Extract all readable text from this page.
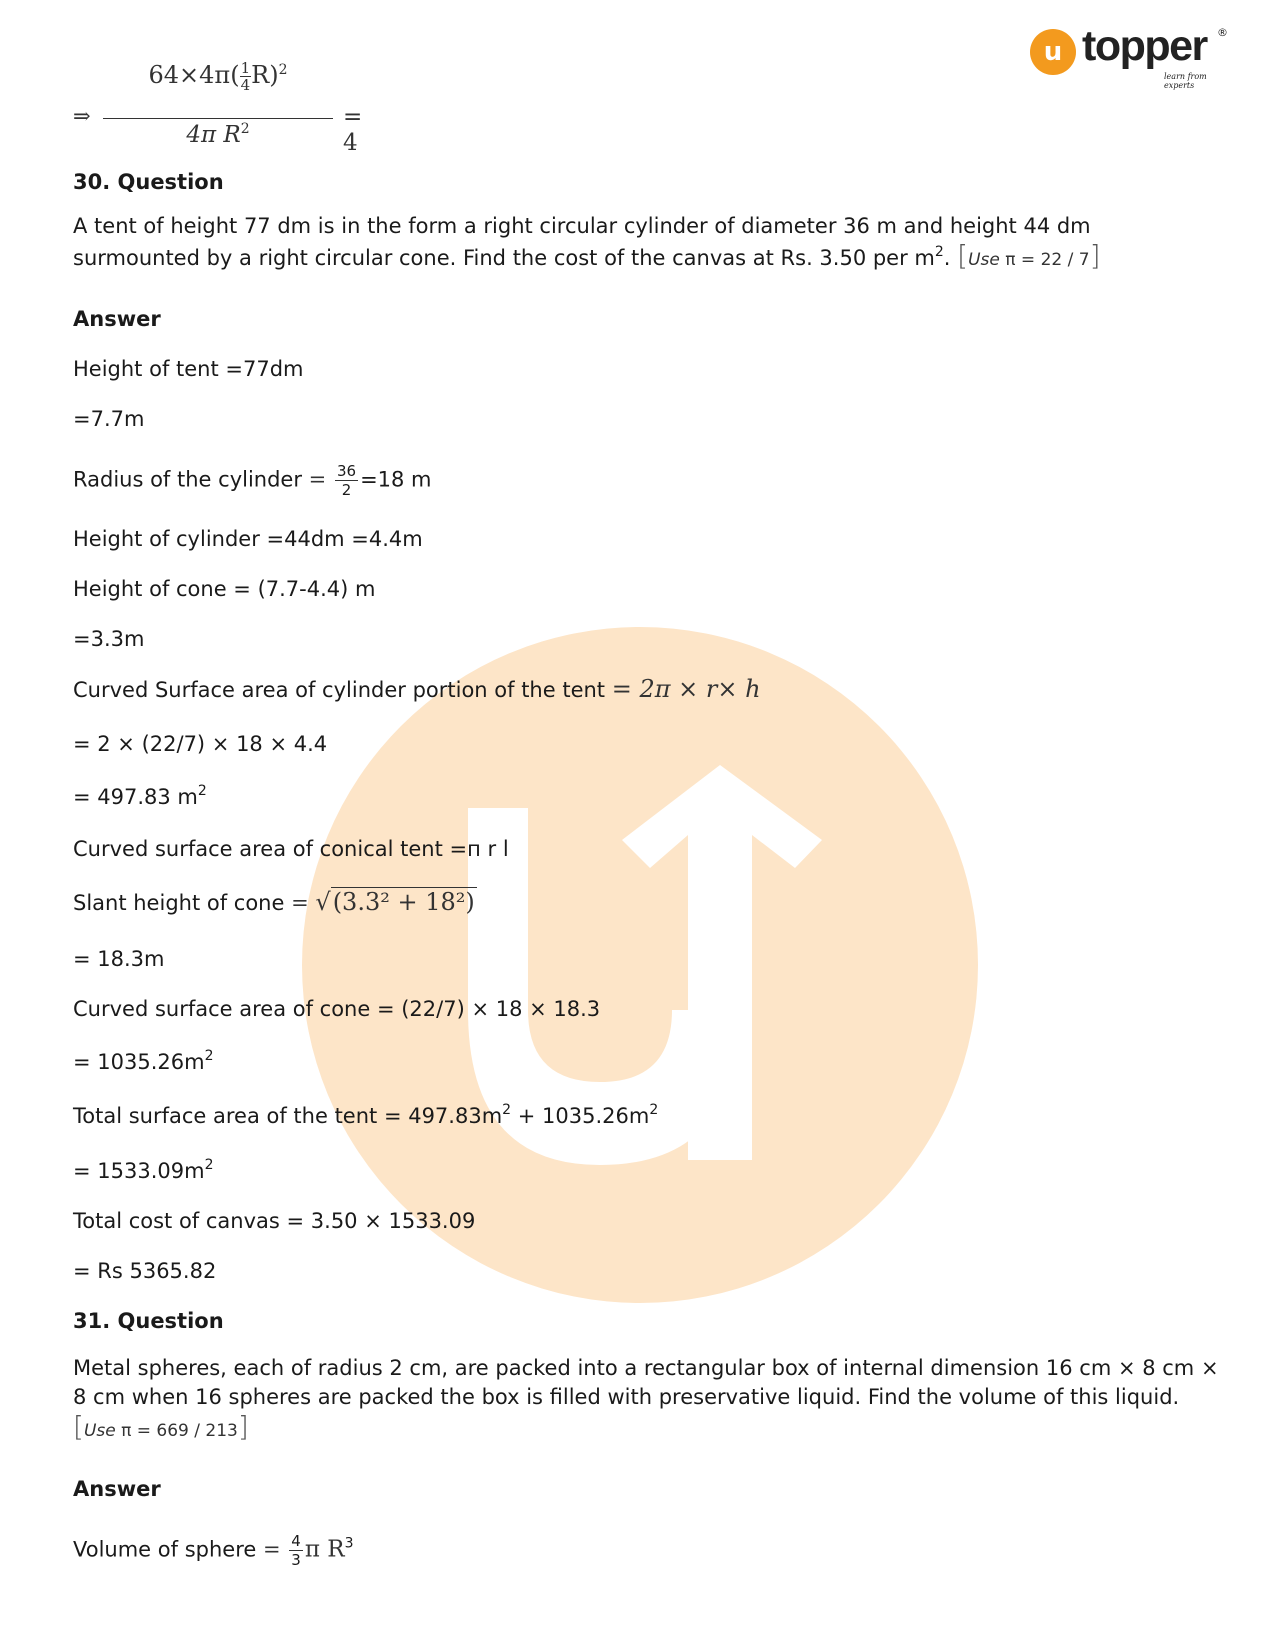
u topper ®
learn from experts
⇒
$64\times 4\pi( \frac{1}{4} R)^2$
4π $R^2$	= 4
30. Question
A tent of height 77 dm is in the form a right circular cylinder of diameter 36 m and height 44 dm surmounted by a right circular cone. Find the cost of the canvas at Rs. 3.50 per $m^2$. [Use π = 22 / 7]
Answer
Height of tent =77dm
=7.7m
Radius of the cylinder = $\frac{36}{2} =18$ m
Height of cylinder =44dm =4.4m
Height of cone = (7.7-4.4) m
=3.3m
Curved Surface area of cylinder portion of the tent = 2π × r× h
= 2 × (22/7) × 18 × 4.4
= 497.83 $m^2$
Curved surface area of conical tent =п r l
Slant height of cone = √(3.3² + 18²)
= 18.3m
Curved surface area of cone = (22/7) × 18 × 18.3
= $1035.26m^2$
Total surface area of the tent = $497.83m^2 + 1035.26m^2$
= $1533.09m^2$
Total cost of canvas = 3.50 × 1533.09
= Rs 5365.82
31. Question
Metal spheres, each of radius 2 cm, are packed into a rectangular box of internal dimension 16 cm × 8 cm × 8 cm when 16 spheres are packed the box is filled with preservative liquid. Find the volume of this liquid. [Use π = 669 / 213]
Answer
Volume of sphere = $\frac{4}{3}$ π $R^3$
